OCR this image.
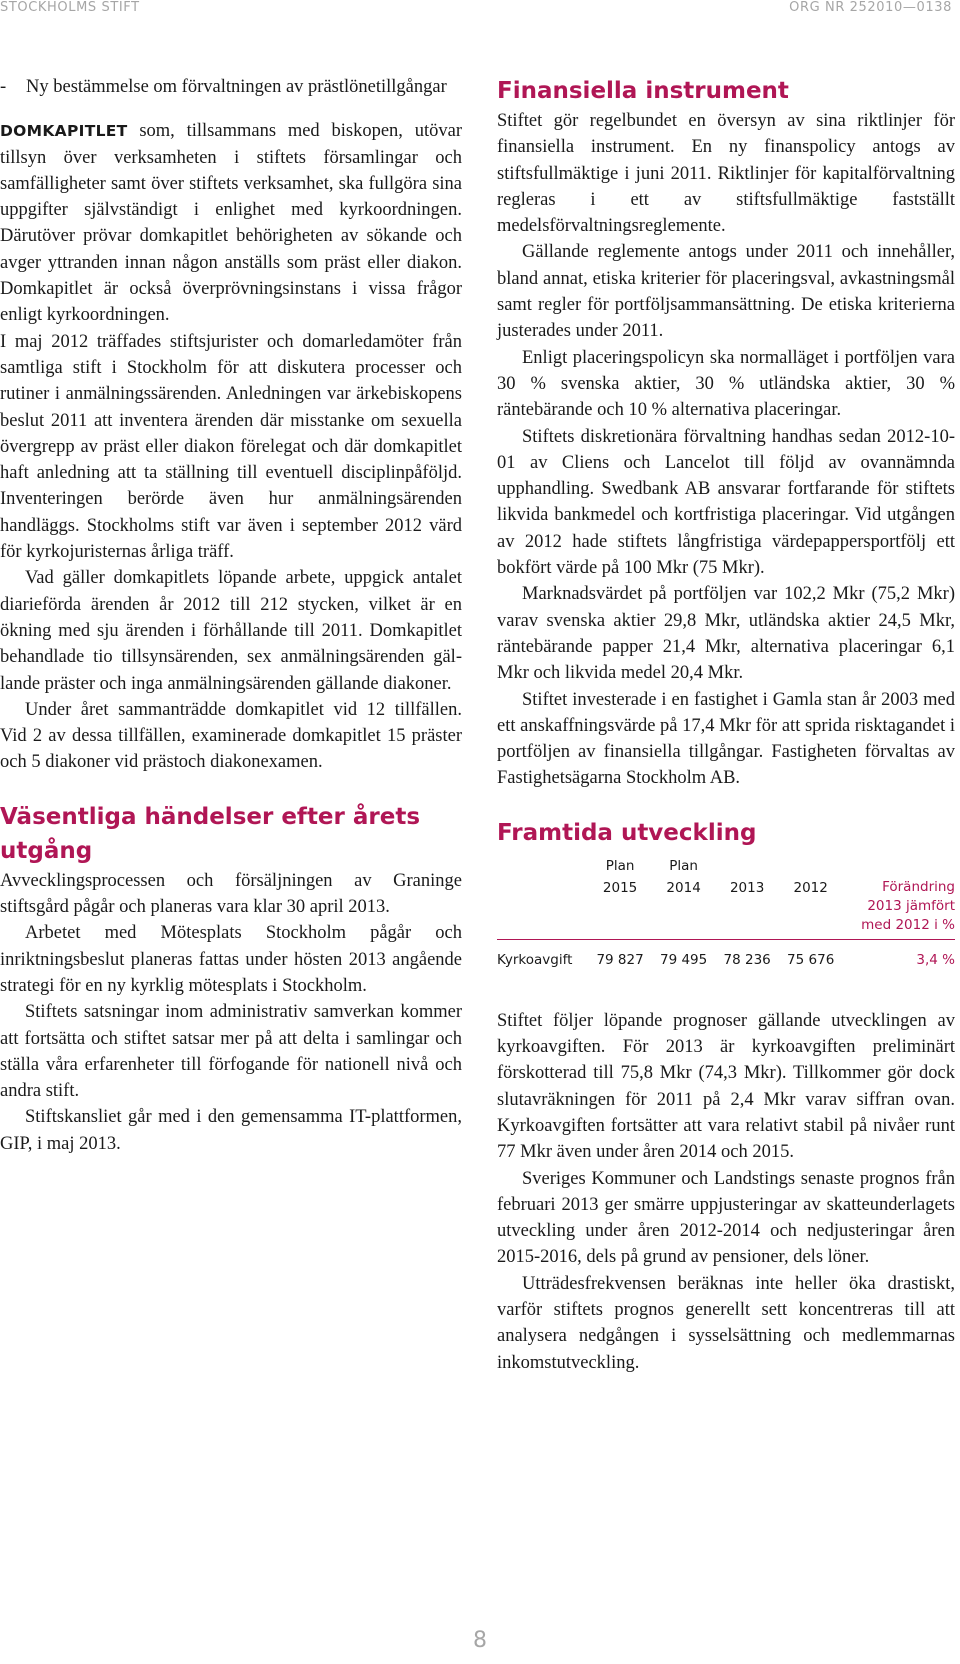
STOCKHOLMS STIFT	ORG NR 252010—0138
-	Ny bestämmelse om förvaltningen av prästlönetillgångar

DOMKAPITLET som, tillsammans med biskopen, utövar tillsyn över verksamheten i stiftets församlingar och samfälligheter samt över stiftets verksamhet, ska fullgöra sina uppgifter självständigt i enlighet med kyrkoordningen. Därutöver prövar domkapitlet behörigheten av sökande och avger yttranden innan någon anställs som präst eller diakon. Domkapitlet är också överprövningsinstans i vissa frågor enligt kyrkoordningen.

I maj 2012 träffades stiftsjurister och domarledamöter från samtliga stift i Stockholm för att diskutera processer och rutiner i anmälningssärenden. Anledningen var ärkebiskopens beslut 2011 att inventera ärenden där misstanke om sexuella övergrepp av präst eller diakon förelegat och där domkapitlet haft anledning att ta ställning till eventuell disciplinpåföljd. Inventeringen berörde även hur anmälningsärenden handläggs. Stockholms stift var även i september 2012 värd för kyrkojuristernas årliga träff.

Vad gäller domkapitlets löpande arbete, uppgick antalet diarieförda ärenden år 2012 till 212 stycken, vilket är en ökning med sju ärenden i förhållande till 2011. Domkapitlet behandlade tio tillsynsärenden, sex anmälningsärenden gällande präster och inga anmälningsärenden gällande diakoner.

Under året sammanträdde domkapitlet vid 12 tillfällen. Vid 2 av dessa tillfällen, examinerade domkapitlet 15 präster och 5 diakoner vid prästoch diakonexamen.

Väsentliga händelser efter årets utgång

Avvecklingsprocessen och försäljningen av Graninge stiftsgård pågår och planeras vara klar 30 april 2013.

Arbetet med Mötesplats Stockholm pågår och inriktningsbeslut planeras fattas under hösten 2013 angående strategi för en ny kyrklig mötesplats i Stockholm.

Stiftets satsningar inom administrativ samverkan kommer att fortsätta och stiftet satsar mer på att delta i samlingar och ställa våra erfarenheter till förfogande för nationell nivå och andra stift.

Stiftskansliet går med i den gemensamma IT-plattformen, GIP, i maj 2013.

Finansiella instrument

Stiftet gör regelbundet en översyn av sina riktlinjer för finansiella instrument. En ny finanspolicy antogs av stiftsfullmäktige i juni 2011. Riktlinjer för kapitalförvaltning regleras i ett av stiftsfullmäktige fastställt medelsförvaltningsreglemente.

Gällande reglemente antogs under 2011 och innehåller, bland annat, etiska kriterier för placeringsval, avkastningsmål samt regler för portföljsammansättning. De etiska kriterierna justerades under 2011.

Enligt placeringspolicyn ska normalläget i portföljen vara 30 % svenska aktier, 30 % utländska aktier, 30 % räntebärande och 10 % alternativa placeringar.

Stiftets diskretionära förvaltning handhas sedan 2012-10-01 av Cliens och Lancelot till följd av ovannämnda upphandling. Swedbank AB ansvarar fortfarande för stiftets likvida bankmedel och kortfristiga placeringar. Vid utgången av 2012 hade stiftets långfristiga värdepappersportfölj ett bokfört värde på 100 Mkr (75 Mkr).

Marknadsvärdet på portföljen var 102,2 Mkr (75,2 Mkr) varav svenska aktier 29,8 Mkr, utländska aktier 24,5 Mkr, räntebärande papper 21,4 Mkr, alternativa placeringar 6,1 Mkr och likvida medel 20,4 Mkr.

Stiftet investerade i en fastighet i Gamla stan år 2003 med ett anskaffningsvärde på 17,4 Mkr för att sprida risktagandet i portföljen av finansiella tillgångar. Fastigheten förvaltas av Fastighetsägarna Stockholm AB.

Framtida utveckling
	Plan	Plan			
	2015	2014	2013	2012	Förändring
2013 jämfört
med 2012 i %

Kyrkoavgift	79 827	79 495	78 236	75 676	3,4 %

Stiftet följer löpande prognoser gällande utvecklingen av kyrkoavgiften. För 2013 är kyrkoavgiften preliminärt förskotterad till 75,8 Mkr (74,3 Mkr). Tillkommer gör dock slutavräkningen för 2011 på 2,4 Mkr varav siffran ovan. Kyrkoavgiften fortsätter att vara relativt stabil på nivåer runt 77 Mkr även under åren 2014 och 2015.

Sveriges Kommuner och Landstings senaste prognos från februari 2013 ger smärre uppjusteringar av skatteunderlagets utveckling under åren 2012-2014 och nedjusteringar åren 2015-2016, dels på grund av pensioner, dels löner.

Utträdesfrekvensen beräknas inte heller öka drastiskt, varför stiftets prognos generellt sett koncentreras till att analysera nedgången i sysselsättning och medlemmarnas inkomstutveckling.

8
